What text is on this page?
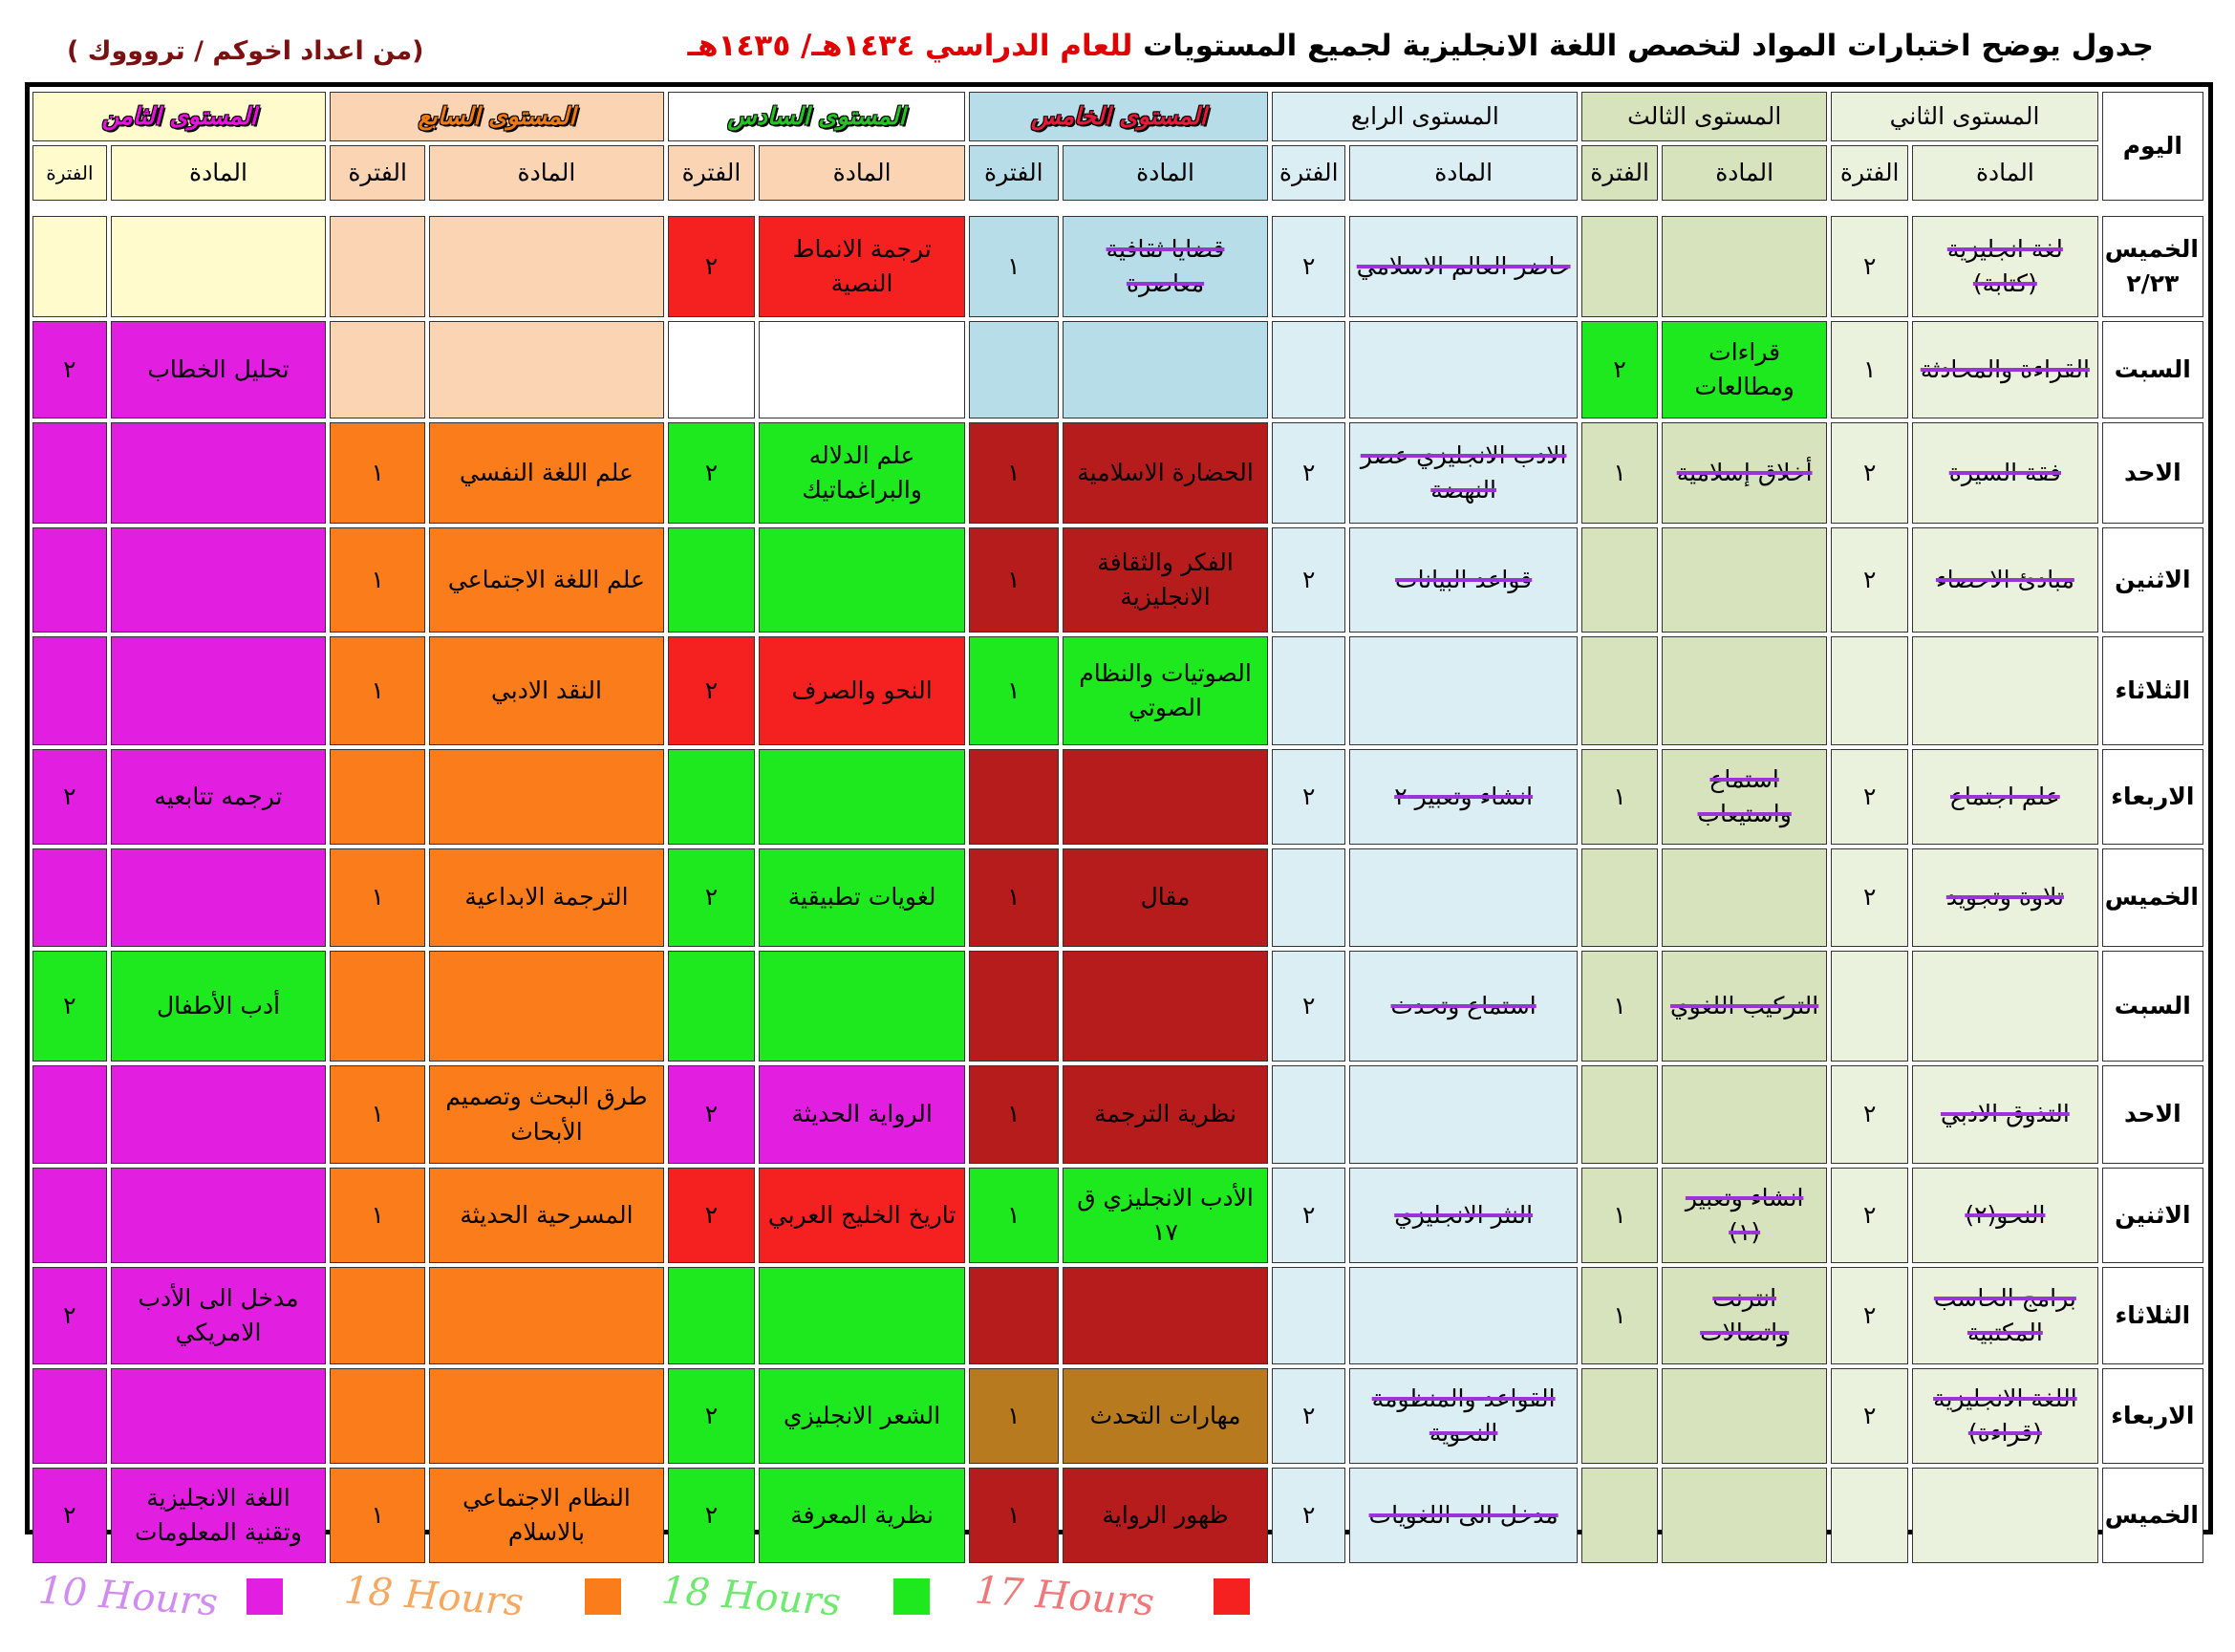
جدول يوضح اختبارات المواد لتخصص اللغة الانجليزية لجميع المستويات للعام الدراسي ١٤٣٤هـ/ ١٤٣٥هـ
(من اعداد اخوكم / تروووك )
اليوم	المستوى الثاني		المستوى الثالث		المستوى الرابع		المستوى الخامس		المستوى السادس		المستوى السابع		المستوى الثامن	
	المادة	الفترة	المادة	الفترة	المادة	الفترة	المادة	الفترة	المادة	الفترة	المادة	الفترة	المادة	الفترة

الخميس ٢/٢٣	لغة انجليزية (كتابة)	٢			حاضر العالم الاسلامي	٢	قضايا ثقافية معاصرة	١	ترجمة الانماط النصية	٢				
السبت	القراءة والمحادثة	١	قراءات ومطالعات	٢									تحليل الخطاب	٢
الاحد	فقة السيرة	٢	أخلاق إسلامية	١	الادب الانجليزي عصر النهضة	٢	الحضارة الاسلامية	١	علم الدلاله والبراغماتيك	٢	علم اللغة النفسي	١		
الاثنين	مبادئ الاحصاء	٢			قواعد البيانات	٢	الفكر والثقافة الانجليزية	١			علم اللغة الاجتماعي	١		
الثلاثاء							الصوتيات والنظام الصوتي	١	النحو والصرف	٢	النقد الادبي	١		
الاربعاء	علم اجتماع	٢	استماع واستيعاب	١	انشاء وتعبير ٢	٢							ترجمه تتابعيه	٢
الخميس	تلاوة وتجويد	٢					مقال	١	لغويات تطبيقية	٢	الترجمة الابداعية	١		
السبت			التركيب اللغوي	١	استماع وتحدث	٢							أدب الأطفال	٢
الاحد	التذوق الادبي	٢					نظرية الترجمة	١	الرواية الحديثة	٢	طرق البحث وتصميم الأبحاث	١		
الاثنين	النحو(٢)	٢	انشاء وتعبير (١)	١	النثر الانجليزي	٢	الأدب الانجليزي ق ١٧	١	تاريخ الخليج العربي	٢	المسرحية الحديثة	١		
الثلاثاء	برامج الحاسب المكتبية	٢	انترنت واتصالات	١									مدخل الى الأدب الامريكي	٢
الاربعاء	اللغة الانجليزية (قراءة)	٢			القواعد والمنظومة النحوية	٢	مهارات التحدث	١	الشعر الانجليزي	٢				
الخميس					مدخل الى اللغويات	٢	ظهور الرواية	١	نظرية المعرفة	٢	النظام الاجتماعي بالاسلام	١	اللغة الانجليزية وتقنية المعلومات	٢
10 Hours	18 Hours	18 Hours	17 Hours
